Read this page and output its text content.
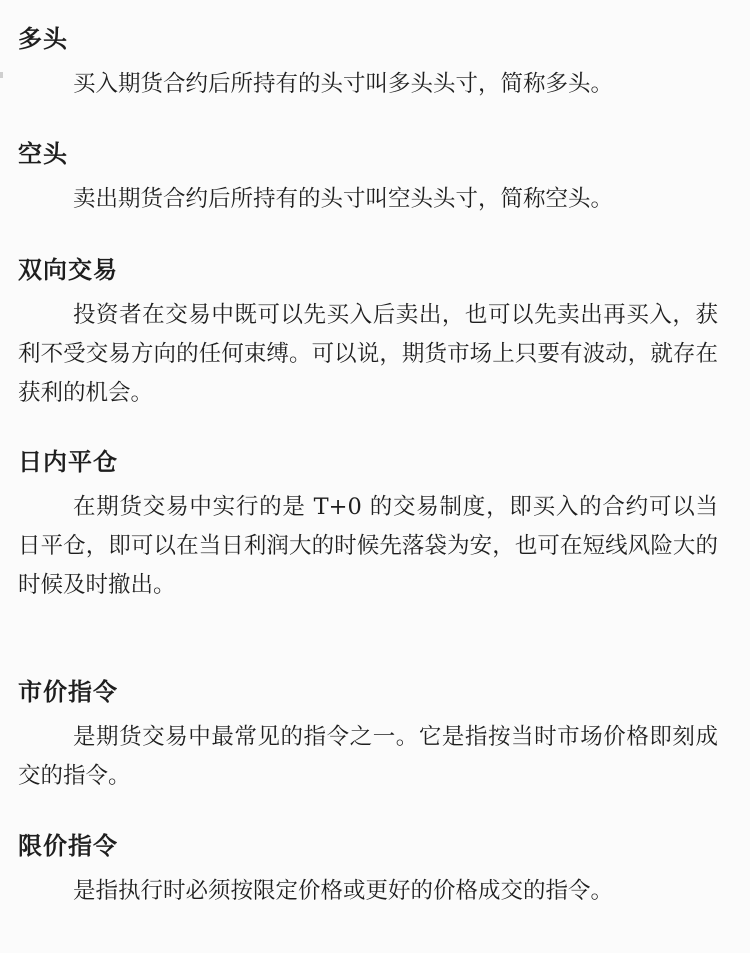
多头

买入期货合约后所持有的头寸叫多头头寸，简称多头。

空头

卖出期货合约后所持有的头寸叫空头头寸，简称空头。

双向交易

投资者在交易中既可以先买入后卖出，也可以先卖出再买入，获利不受交易方向的任何束缚。可以说，期货市场上只要有波动，就存在获利的机会。

日内平仓

在期货交易中实行的是 T+0 的交易制度，即买入的合约可以当日平仓，即可以在当日利润大的时候先落袋为安，也可在短线风险大的时候及时撤出。

市价指令

是期货交易中最常见的指令之一。它是指按当时市场价格即刻成交的指令。

限价指令

是指执行时必须按限定价格或更好的价格成交的指令。
